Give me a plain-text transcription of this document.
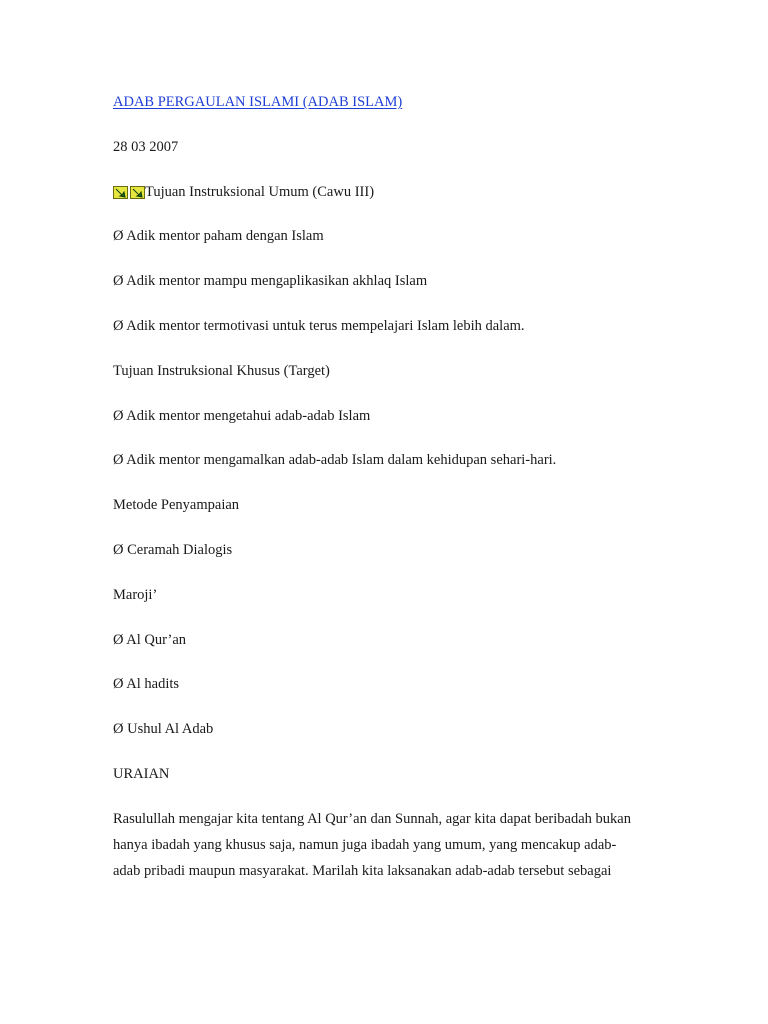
ADAB PERGAULAN ISLAMI (ADAB ISLAM)
28 03 2007
Tujuan Instruksional Umum (Cawu III)
Ø Adik mentor paham dengan Islam
Ø Adik mentor mampu mengaplikasikan akhlaq Islam
Ø Adik mentor termotivasi untuk terus mempelajari Islam lebih dalam.
Tujuan Instruksional Khusus (Target)
Ø Adik mentor mengetahui adab-adab Islam
Ø Adik mentor mengamalkan adab-adab Islam dalam kehidupan sehari-hari.
Metode Penyampaian
Ø Ceramah Dialogis
Maroji’
Ø Al Qur’an
Ø Al hadits
Ø Ushul Al Adab
URAIAN

Rasulullah mengajar kita tentang Al Qur’an dan Sunnah, agar kita dapat beribadah bukan

hanya ibadah yang khusus saja, namun juga ibadah yang umum, yang mencakup adab-

adab pribadi maupun masyarakat. Marilah kita laksanakan adab-adab tersebut sebagai
